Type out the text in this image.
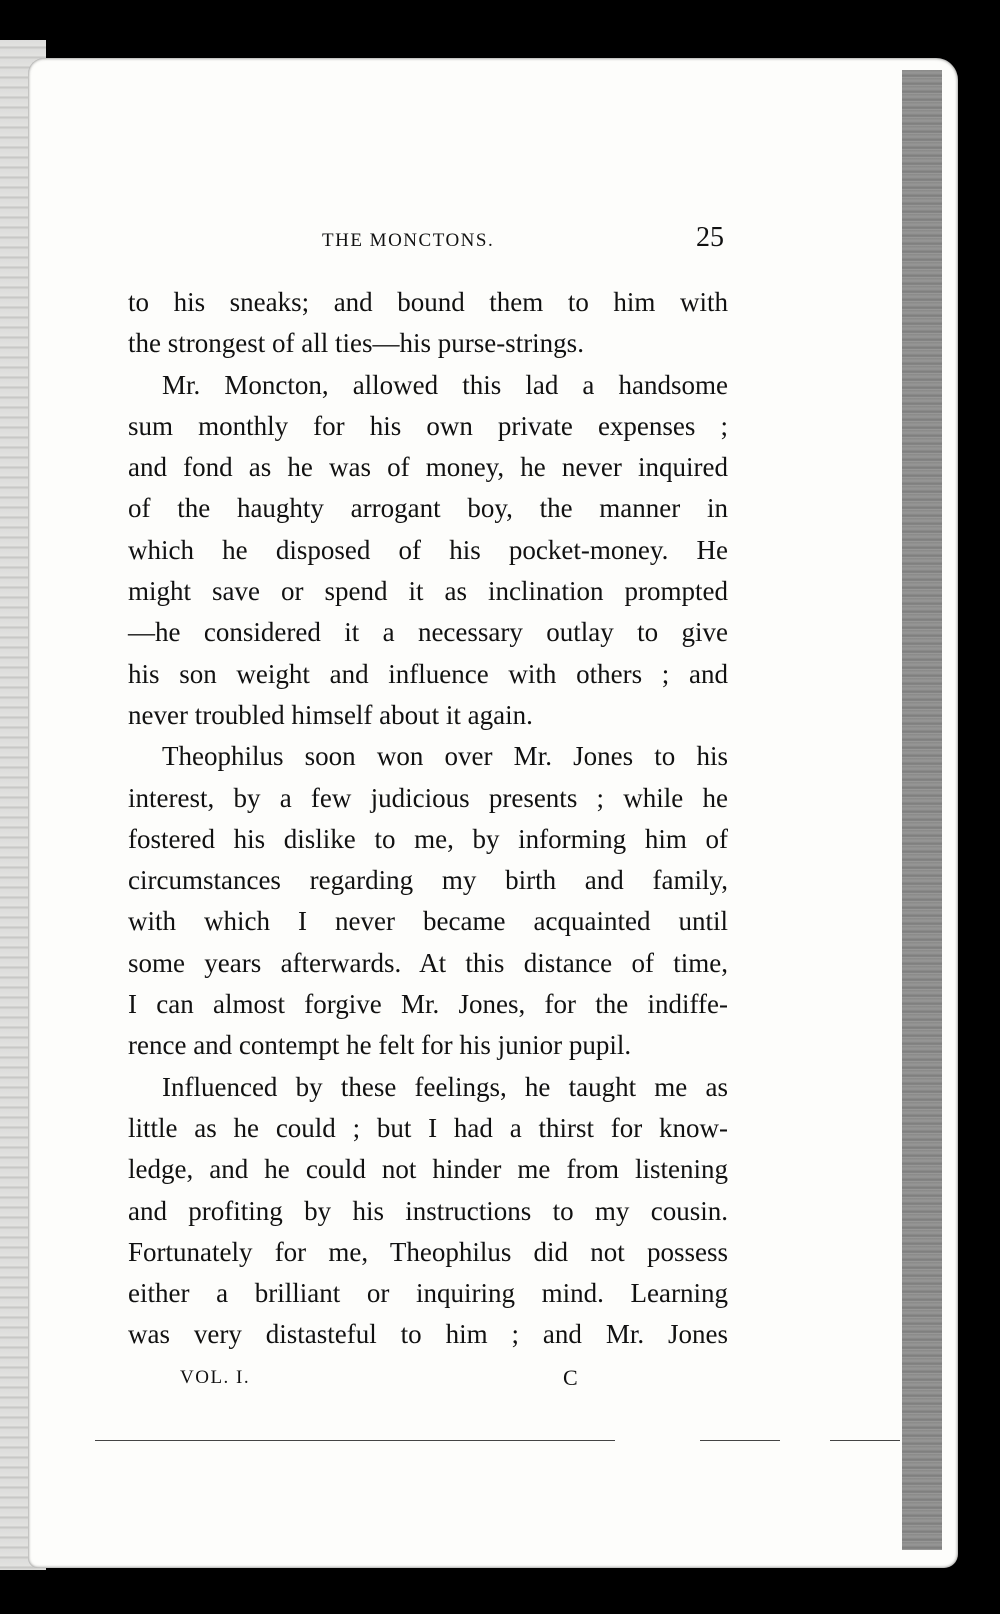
THE MONCTONS.	25
to his sneaks; and bound them to him with
the strongest of all ties—his purse-strings.
Mr. Moncton, allowed this lad a handsome
sum monthly for his own private expenses ;
and fond as he was of money, he never inquired
of the haughty arrogant boy, the manner in
which he disposed of his pocket-money. He
might save or spend it as inclination prompted
—he considered it a necessary outlay to give
his son weight and influence with others ; and
never troubled himself about it again.
Theophilus soon won over Mr. Jones to his
interest, by a few judicious presents ; while he
fostered his dislike to me, by informing him of
circumstances regarding my birth and family,
with which I never became acquainted until
some years afterwards. At this distance of time,
I can almost forgive Mr. Jones, for the indiffe-
rence and contempt he felt for his junior pupil.
Influenced by these feelings, he taught me as
little as he could ; but I had a thirst for know-
ledge, and he could not hinder me from listening
and profiting by his instructions to my cousin.
Fortunately for me, Theophilus did not possess
either a brilliant or inquiring mind. Learning
was very distasteful to him ; and Mr. Jones
VOL. I.	C
